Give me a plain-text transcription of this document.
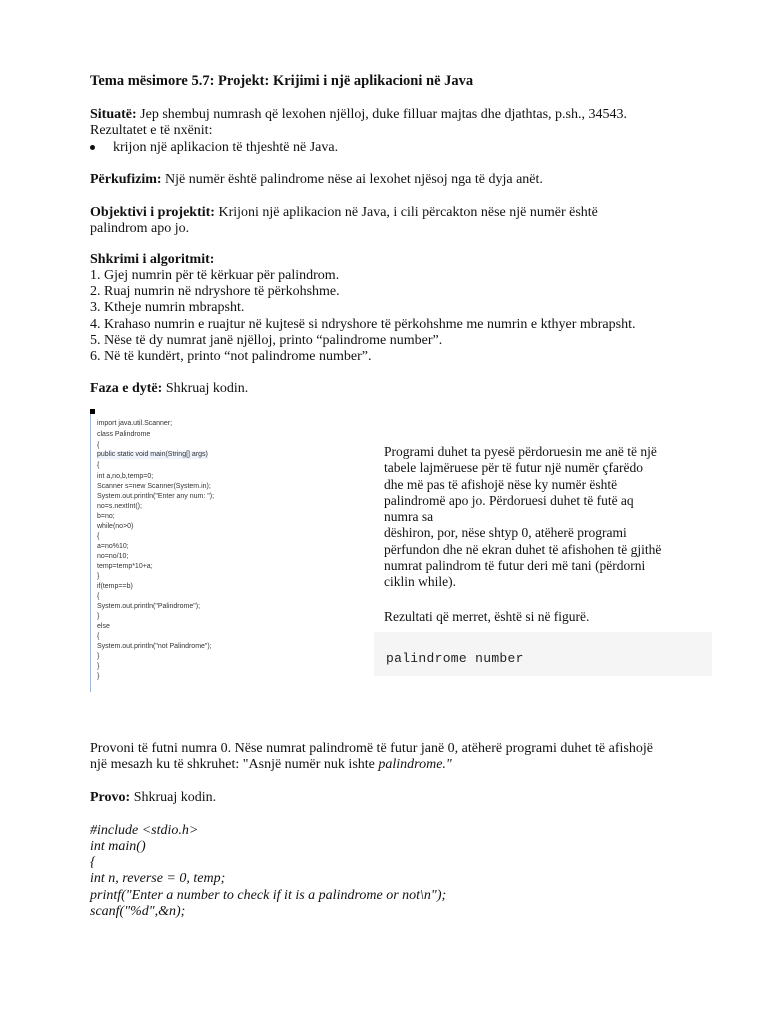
Tema mësimore 5.7: Projekt: Krijimi i një aplikacioni në Java
Situatë: Jep shembuj numrash që lexohen njëlloj, duke filluar majtas dhe djathtas, p.sh., 34543.
Rezultatet e të nxënit:
krijon një aplikacion të thjeshtë në Java.
Përkufizim: Një numër është palindrome nëse ai lexohet njësoj nga të dyja anët.
Objektivi i projektit: Krijoni një aplikacion në Java, i cili përcakton nëse një numër është
palindrom apo jo.
Shkrimi i algoritmit:
1. Gjej numrin për të kërkuar për palindrom.
2. Ruaj numrin në ndryshore të përkohshme.
3. Ktheje numrin mbrapsht.
4. Krahaso numrin e ruajtur në kujtesë si ndryshore të përkohshme me numrin e kthyer mbrapsht.
5. Nëse të dy numrat janë njëlloj, printo “palindrome number”.
6. Në të kundërt, printo “not palindrome number”.
Faza e dytë: Shkruaj kodin.
import java.util.Scanner;
class Palindrome
{
public static void main(String[] args)
{
int a,no,b,temp=0;
Scanner s=new Scanner(System.in);
System.out.println("Enter any num: ");
no=s.nextInt();
b=no;
while(no>0)
{
a=no%10;
no=no/10;
temp=temp*10+a;
}
if(temp==b)
{
System.out.println("Palindrome");
}
else
{
System.out.println("not Palindrome");
}
}
}
Programi duhet ta pyesë përdoruesin me anë të një
tabele lajmëruese për të futur një numër çfarëdo
dhe më pas të afishojë nëse ky numër është
palindromë apo jo. Përdoruesi duhet të futë aq
numra sa
dëshiron, por, nëse shtyp 0, atëherë programi
përfundon dhe në ekran duhet të afishohen të gjithë
numrat palindrom të futur deri më tani (përdorni
ciklin while).
Rezultati që merret, është si në figurë.
palindrome number
Provoni të futni numra 0. Nëse numrat palindromë të futur janë 0, atëherë programi duhet të afishojë
një mesazh ku të shkruhet: "Asnjë numër nuk ishte palindrome."
Provo: Shkruaj kodin.
#include <stdio.h>
int main()
{
int n, reverse = 0, temp;
printf("Enter a number to check if it is a palindrome or not\n");
scanf("%d",&n);
